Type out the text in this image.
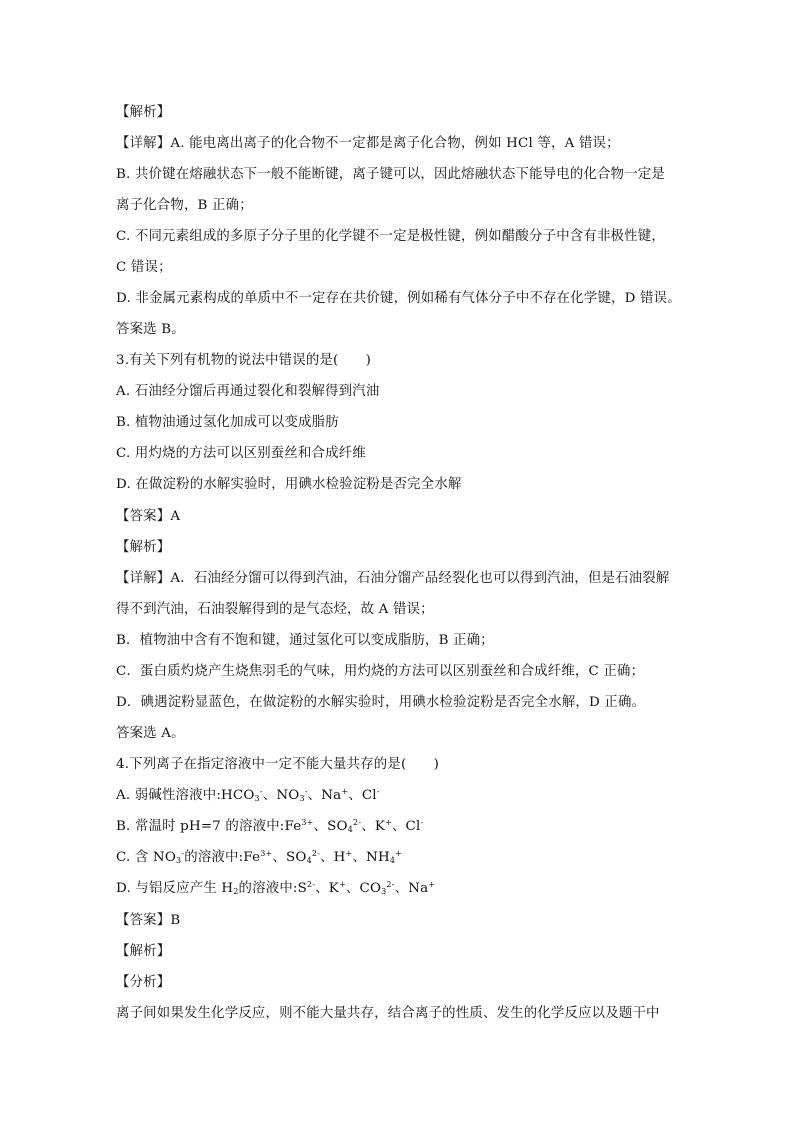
【解析】
【详解】A. 能电离出离子的化合物不一定都是离子化合物，例如 HCl 等，A 错误；
B. 共价键在熔融状态下一般不能断键，离子键可以，因此熔融状态下能导电的化合物一定是
离子化合物，B 正确；
C. 不同元素组成的多原子分子里的化学键不一定是极性键，例如醋酸分子中含有非极性键，
C 错误；
D. 非金属元素构成的单质中不一定存在共价键，例如稀有气体分子中不存在化学键，D 错误。
答案选 B。
3.有关下列有机物的说法中错误的是(　　)
A. 石油经分馏后再通过裂化和裂解得到汽油
B. 植物油通过氢化加成可以变成脂肪
C. 用灼烧的方法可以区别蚕丝和合成纤维
D. 在做淀粉的水解实验时，用碘水检验淀粉是否完全水解
【答案】A
【解析】
【详解】A．石油经分馏可以得到汽油，石油分馏产品经裂化也可以得到汽油，但是石油裂解
得不到汽油，石油裂解得到的是气态烃，故 A 错误；
B．植物油中含有不饱和键，通过氢化可以变成脂肪，B 正确；
C．蛋白质灼烧产生烧焦羽毛的气味，用灼烧的方法可以区别蚕丝和合成纤维，C 正确；
D．碘遇淀粉显蓝色，在做淀粉的水解实验时，用碘水检验淀粉是否完全水解，D 正确。
答案选 A。
4.下列离子在指定溶液中一定不能大量共存的是(　　)
A. 弱碱性溶液中$:HCO_3^-$、$NO_3^-$、Na+、Cl-
B. 常温时 pH=7 的溶液中$:Fe^{3+}$、$SO_4^{2-}$、K+、Cl-
C. 含 $NO_3^-$的溶液中$:Fe^{3+}$、$SO_4^{2-}$、H+、$NH_4^+$
D. 与铝反应产生 $H_2$的溶液中$:S^{2-}$、K+、$CO_3^{2-}$、Na+
【答案】B
【解析】
【分析】
离子间如果发生化学反应，则不能大量共存，结合离子的性质、发生的化学反应以及题干中
